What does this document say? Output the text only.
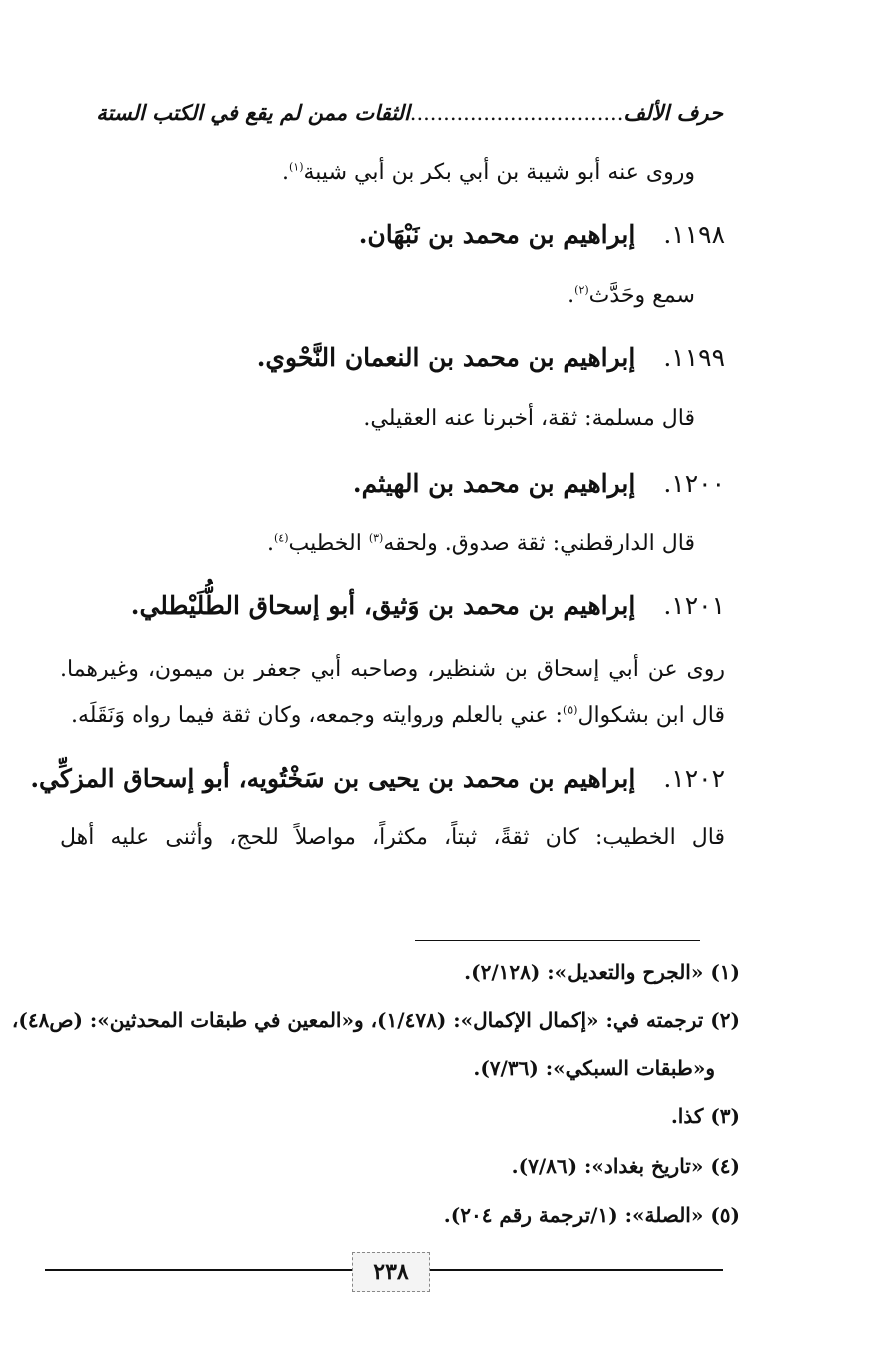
حرف الألف................................الثقات ممن لم يقع في الكتب الستة
وروى عنه أبو شيبة بن أبي بكر بن أبي شيبة$^{(١)}$.
١١٩٨.إبراهيم بن محمد بن نَبْهَان.
سمع وحَدَّث$^{(٢)}$.
١١٩٩.إبراهيم بن محمد بن النعمان النَّحْوي.
قال مسلمة: ثقة، أخبرنا عنه العقيلي.
١٢٠٠.إبراهيم بن محمد بن الهيثم.
قال الدارقطني: ثقة صدوق. ولحقه$^{(٣)}$ الخطيب$^{(٤)}$.
١٢٠١.إبراهيم بن محمد بن وَثيق، أبو إسحاق الطُّلَيْطلي.
روى عن أبي إسحاق بن شنظير، وصاحبه أبي جعفر بن ميمون، وغيرهما.
قال ابن بشكوال$^{(٥)}$: عني بالعلم وروايته وجمعه، وكان ثقة فيما رواه وَنَقَلَه.
١٢٠٢.إبراهيم بن محمد بن يحيى بن سَخْتُويه، أبو إسحاق المزكِّي.
قال الخطيب: كان ثقةً، ثبتاً، مكثراً، مواصلاً للحج، وأثنى عليه أهل
(١) «الجرح والتعديل»: (٢/١٢٨).
(٢) ترجمته في: «إكمال الإكمال»: (١/٤٧٨)، و«المعين في طبقات المحدثين»: (ص٤٨)،
و«طبقات السبكي»: (٧/٣٦).
(٣) كذا.
(٤) «تاريخ بغداد»: (٧/٨٦).
(٥) «الصلة»: (١/ترجمة رقم ٢٠٤).
٢٣٨
